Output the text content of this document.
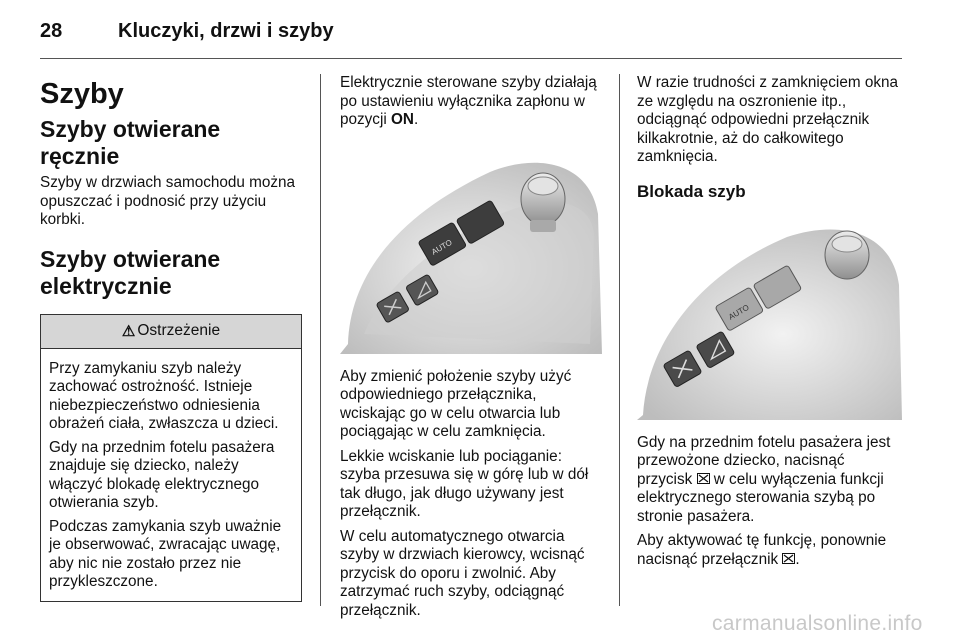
28	Kluczyki, drzwi i szyby
Szyby
Szyby otwierane ręcznie

Szyby w drzwiach samochodu można opuszczać i podnosić przy użyciu korbki.

Szyby otwierane elektrycznie
⚠ Ostrzeżenie

Przy zamykaniu szyb należy zachować ostrożność. Istnieje niebezpieczeństwo odniesienia obrażeń ciała, zwłaszcza u dzieci.

Gdy na przednim fotelu pasażera znajduje się dziecko, należy włączyć blokadę elektrycznego otwierania szyb.

Podczas zamykania szyb uważnie je obserwować, zwracając uwagę, aby nic nie zostało przez nie przykleszczone.

Elektrycznie sterowane szyby działają po ustawieniu wyłącznika zapłonu w pozycji ON.

AUTO

Aby zmienić położenie szyby użyć odpowiedniego przełącznika, wciskając go w celu otwarcia lub pociągając w celu zamknięcia.

Lekkie wciskanie lub pociąganie: szyba przesuwa się w górę lub w dół tak długo, jak długo używany jest przełącznik.

W celu automatycznego otwarcia szyby w drzwiach kierowcy, wcisnąć przycisk do oporu i zwolnić. Aby zatrzymać ruch szyby, odciągnąć przełącznik.

W razie trudności z zamknięciem okna ze względu na oszronienie itp., odciągnąć odpowiedni przełącznik kilkakrotnie, aż do całkowitego zamknięcia.

Blokada szyb
AUTO

Gdy na przednim fotelu pasażera jest przewożone dziecko, nacisnąć przycisk  w celu wyłączenia funkcji elektrycznego sterowania szybą po stronie pasażera.

Aby aktywować tę funkcję, ponownie nacisnąć przełącznik .

carmanualsonline.info
